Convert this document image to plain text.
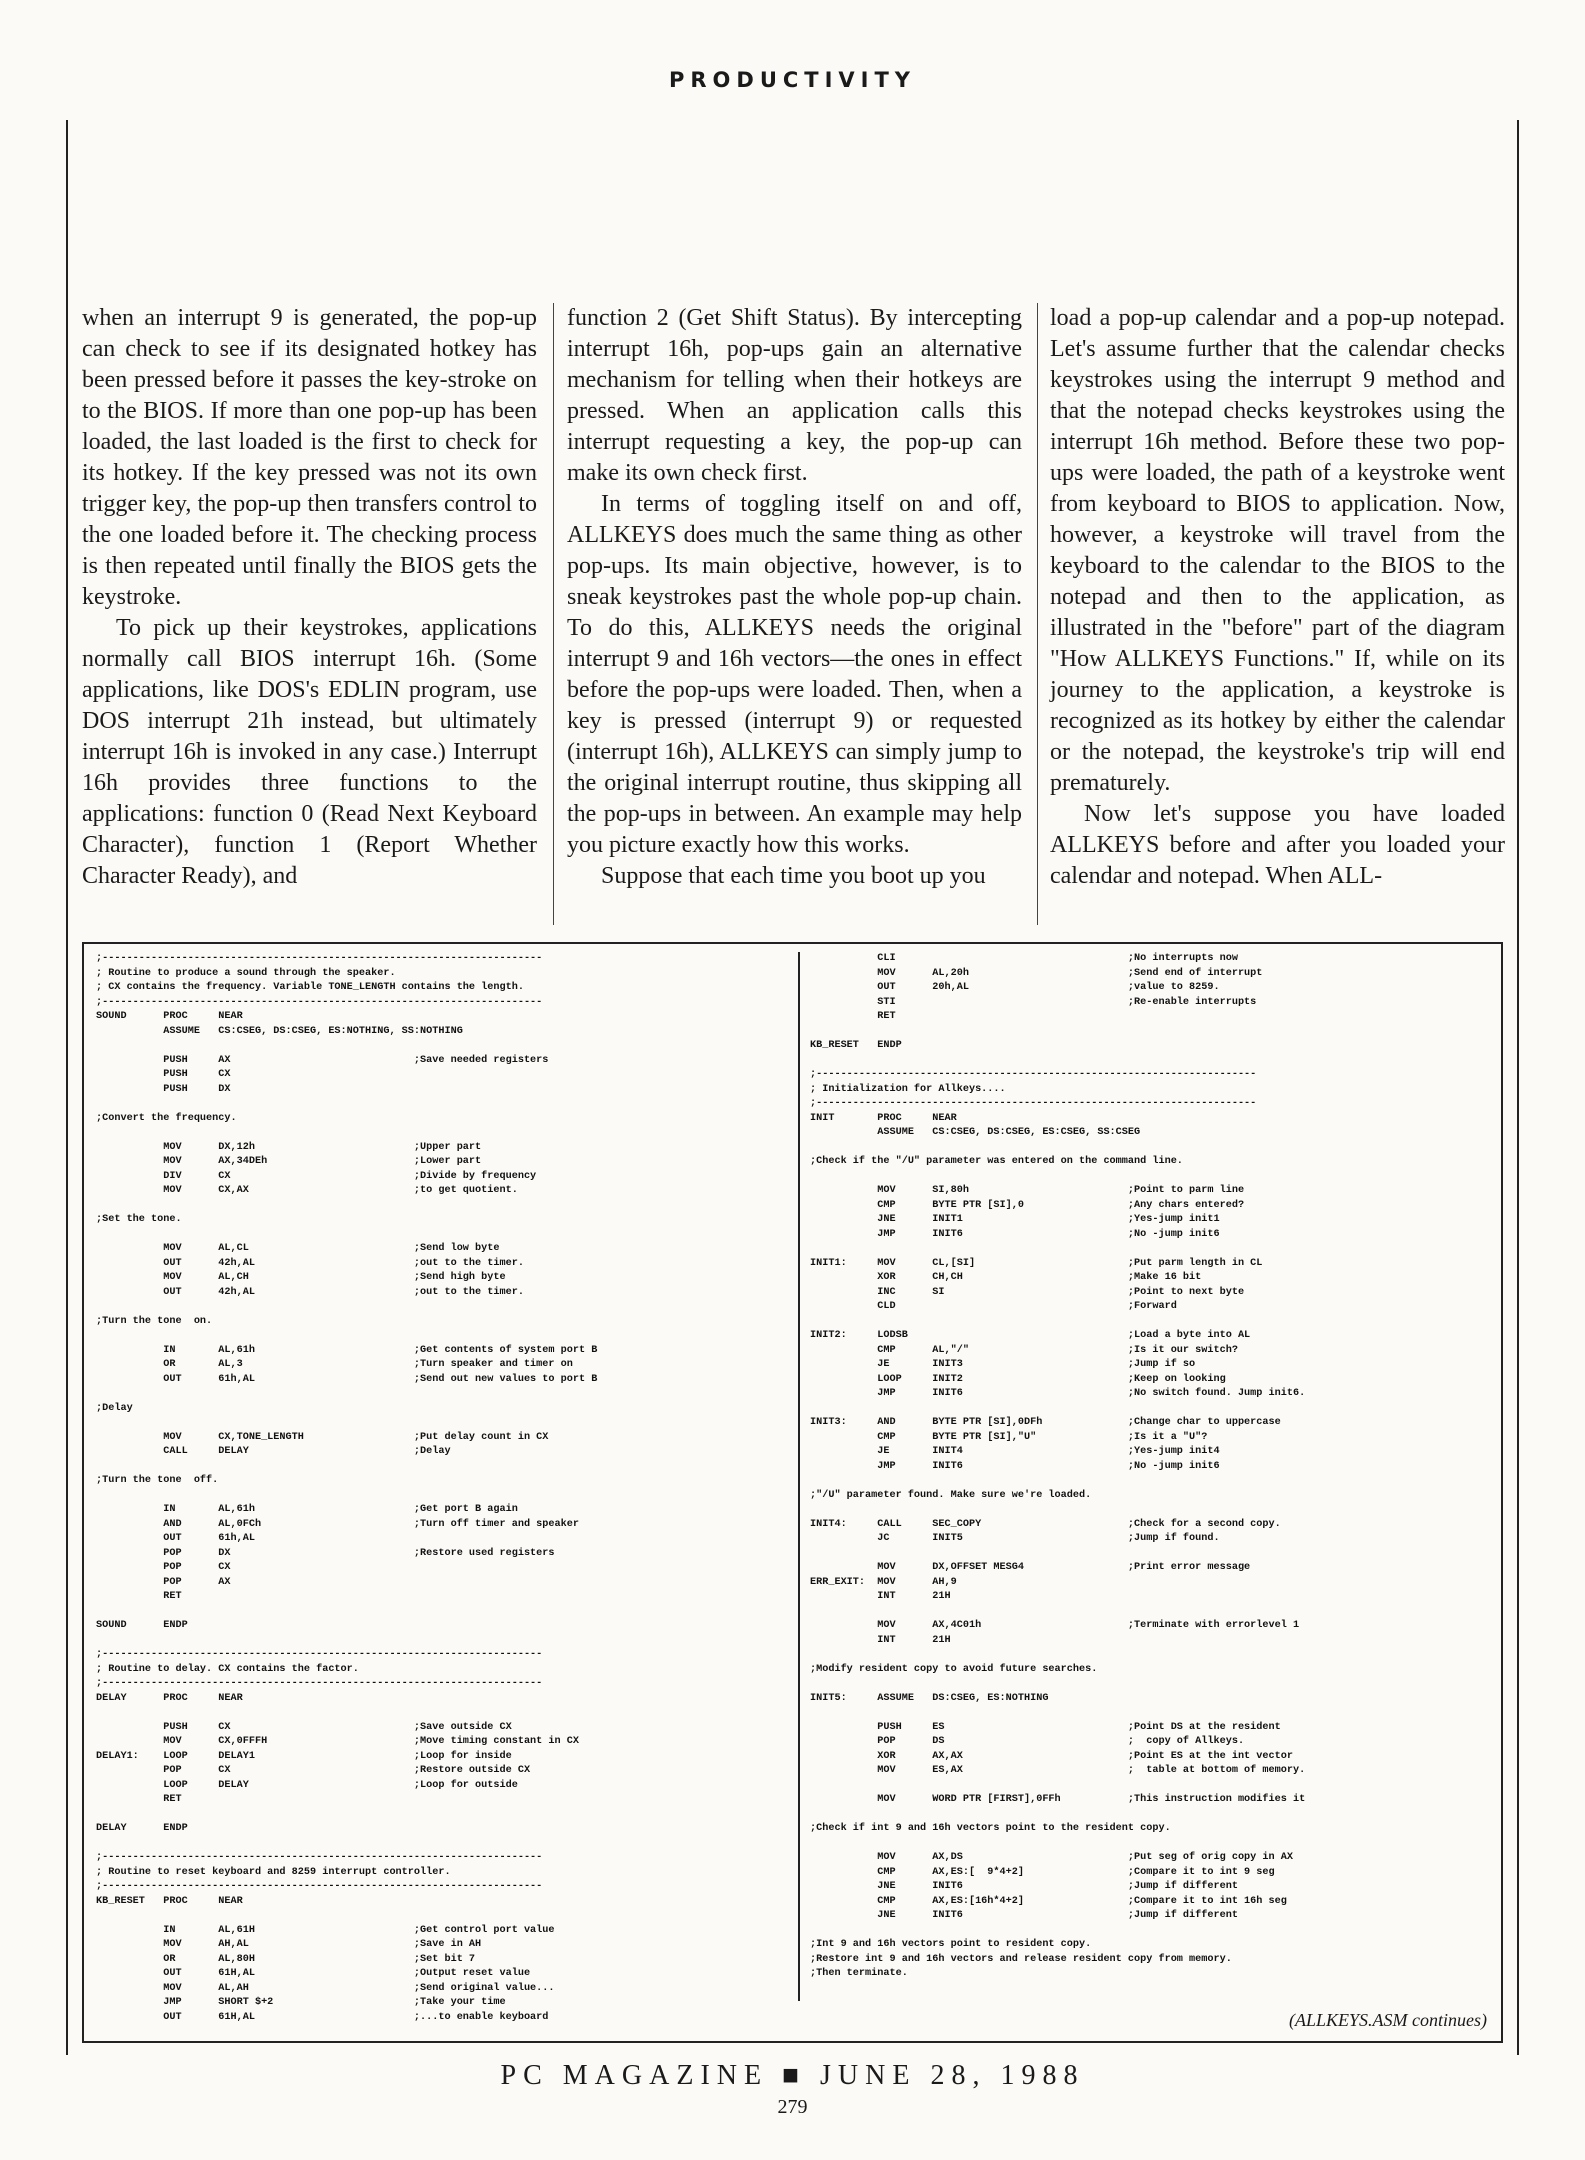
PRODUCTIVITY

when an interrupt 9 is generated, the pop-up can check to see if its designated hotkey has been pressed before it passes the key-stroke on to the BIOS. If more than one pop-up has been loaded, the last loaded is the first to check for its hotkey. If the key pressed was not its own trigger key, the pop-up then transfers control to the one loaded before it. The checking process is then repeated until finally the BIOS gets the keystroke.

To pick up their keystrokes, applications normally call BIOS interrupt 16h. (Some applications, like DOS's EDLIN program, use DOS interrupt 21h instead, but ultimately interrupt 16h is invoked in any case.) Interrupt 16h provides three functions to the applications: function 0 (Read Next Keyboard Character), function 1 (Report Whether Character Ready), and

function 2 (Get Shift Status). By intercepting interrupt 16h, pop-ups gain an alternative mechanism for telling when their hotkeys are pressed. When an application calls this interrupt requesting a key, the pop-up can make its own check first.

In terms of toggling itself on and off, ALLKEYS does much the same thing as other pop-ups. Its main objective, however, is to sneak keystrokes past the whole pop-up chain. To do this, ALLKEYS needs the original interrupt 9 and 16h vectors—the ones in effect before the pop-ups were loaded. Then, when a key is pressed (interrupt 9) or requested (interrupt 16h), ALLKEYS can simply jump to the original interrupt routine, thus skipping all the pop-ups in between. An example may help you picture exactly how this works.

Suppose that each time you boot up you

load a pop-up calendar and a pop-up notepad. Let's assume further that the calendar checks keystrokes using the interrupt 9 method and that the notepad checks keystrokes using the interrupt 16h method. Before these two pop-ups were loaded, the path of a keystroke went from keyboard to BIOS to application. Now, however, a keystroke will travel from the keyboard to the calendar to the BIOS to the notepad and then to the application, as illustrated in the "before" part of the diagram "How ALLKEYS Functions." If, while on its journey to the application, a keystroke is recognized as its hotkey by either the calendar or the notepad, the keystroke's trip will end prematurely.

Now let's suppose you have loaded ALLKEYS before and after you loaded your calendar and notepad. When ALL-

;------------------------------------------------------------------------
; Routine to produce a sound through the speaker.
; CX contains the frequency. Variable TONE_LENGTH contains the length.
;------------------------------------------------------------------------
SOUND      PROC     NEAR
ASSUME   CS:CSEG, DS:CSEG, ES:NOTHING, SS:NOTHING

PUSH     AX                              ;Save needed registers
PUSH     CX
PUSH     DX

;Convert the frequency.

MOV      DX,12h                          ;Upper part
MOV      AX,34DEh                        ;Lower part
DIV      CX                              ;Divide by frequency
MOV      CX,AX                           ;to get quotient.

;Set the tone.

MOV      AL,CL                           ;Send low byte
OUT      42h,AL                          ;out to the timer.
MOV      AL,CH                           ;Send high byte
OUT      42h,AL                          ;out to the timer.

;Turn the tone  on.

IN       AL,61h                          ;Get contents of system port B
OR       AL,3                            ;Turn speaker and timer on
OUT      61h,AL                          ;Send out new values to port B

;Delay

MOV      CX,TONE_LENGTH                  ;Put delay count in CX
CALL     DELAY                           ;Delay

;Turn the tone  off.

IN       AL,61h                          ;Get port B again
AND      AL,0FCh                         ;Turn off timer and speaker
OUT      61h,AL
POP      DX                              ;Restore used registers
POP      CX
POP      AX
RET

SOUND      ENDP

;------------------------------------------------------------------------
; Routine to delay. CX contains the factor.
;------------------------------------------------------------------------
DELAY      PROC     NEAR

PUSH     CX                              ;Save outside CX
MOV      CX,0FFFH                        ;Move timing constant in CX
DELAY1:    LOOP     DELAY1                          ;Loop for inside
POP      CX                              ;Restore outside CX
LOOP     DELAY                           ;Loop for outside
RET

DELAY      ENDP

;------------------------------------------------------------------------
; Routine to reset keyboard and 8259 interrupt controller.
;------------------------------------------------------------------------
KB_RESET   PROC     NEAR

IN       AL,61H                          ;Get control port value
MOV      AH,AL                           ;Save in AH
OR       AL,80H                          ;Set bit 7
OUT      61H,AL                          ;Output reset value
MOV      AL,AH                           ;Send original value...
JMP      SHORT $+2                       ;Take your time
OUT      61H,AL                          ;...to enable keyboard
CLI                                      ;No interrupts now
MOV      AL,20h                          ;Send end of interrupt
OUT      20h,AL                          ;value to 8259.
STI                                      ;Re-enable interrupts
RET

KB_RESET   ENDP

;------------------------------------------------------------------------
; Initialization for Allkeys....
;------------------------------------------------------------------------
INIT       PROC     NEAR
ASSUME   CS:CSEG, DS:CSEG, ES:CSEG, SS:CSEG

;Check if the "/U" parameter was entered on the command line.

MOV      SI,80h                          ;Point to parm line
CMP      BYTE PTR [SI],0                 ;Any chars entered?
JNE      INIT1                           ;Yes-jump init1
JMP      INIT6                           ;No -jump init6

INIT1:     MOV      CL,[SI]                         ;Put parm length in CL
XOR      CH,CH                           ;Make 16 bit
INC      SI                              ;Point to next byte
CLD                                      ;Forward

INIT2:     LODSB                                    ;Load a byte into AL
CMP      AL,"/"                          ;Is it our switch?
JE       INIT3                           ;Jump if so
LOOP     INIT2                           ;Keep on looking
JMP      INIT6                           ;No switch found. Jump init6.

INIT3:     AND      BYTE PTR [SI],0DFh              ;Change char to uppercase
CMP      BYTE PTR [SI],"U"               ;Is it a "U"?
JE       INIT4                           ;Yes-jump init4
JMP      INIT6                           ;No -jump init6

;"/U" parameter found. Make sure we're loaded.

INIT4:     CALL     SEC_COPY                        ;Check for a second copy.
JC       INIT5                           ;Jump if found.

MOV      DX,OFFSET MESG4                 ;Print error message
ERR_EXIT:  MOV      AH,9
INT      21H

MOV      AX,4C01h                        ;Terminate with errorlevel 1
INT      21H

;Modify resident copy to avoid future searches.

INIT5:     ASSUME   DS:CSEG, ES:NOTHING

PUSH     ES                              ;Point DS at the resident
POP      DS                              ;  copy of Allkeys.
XOR      AX,AX                           ;Point ES at the int vector
MOV      ES,AX                           ;  table at bottom of memory.

MOV      WORD PTR [FIRST],0FFh           ;This instruction modifies it

;Check if int 9 and 16h vectors point to the resident copy.

MOV      AX,DS                           ;Put seg of orig copy in AX
CMP      AX,ES:[  9*4+2]                 ;Compare it to int 9 seg
JNE      INIT6                           ;Jump if different
CMP      AX,ES:[16h*4+2]                 ;Compare it to int 16h seg
JNE      INIT6                           ;Jump if different

;Int 9 and 16h vectors point to resident copy.
;Restore int 9 and 16h vectors and release resident copy from memory.
;Then terminate.
(ALLKEYS.ASM continues)
PC MAGAZINE ■ JUNE 28, 1988
279
